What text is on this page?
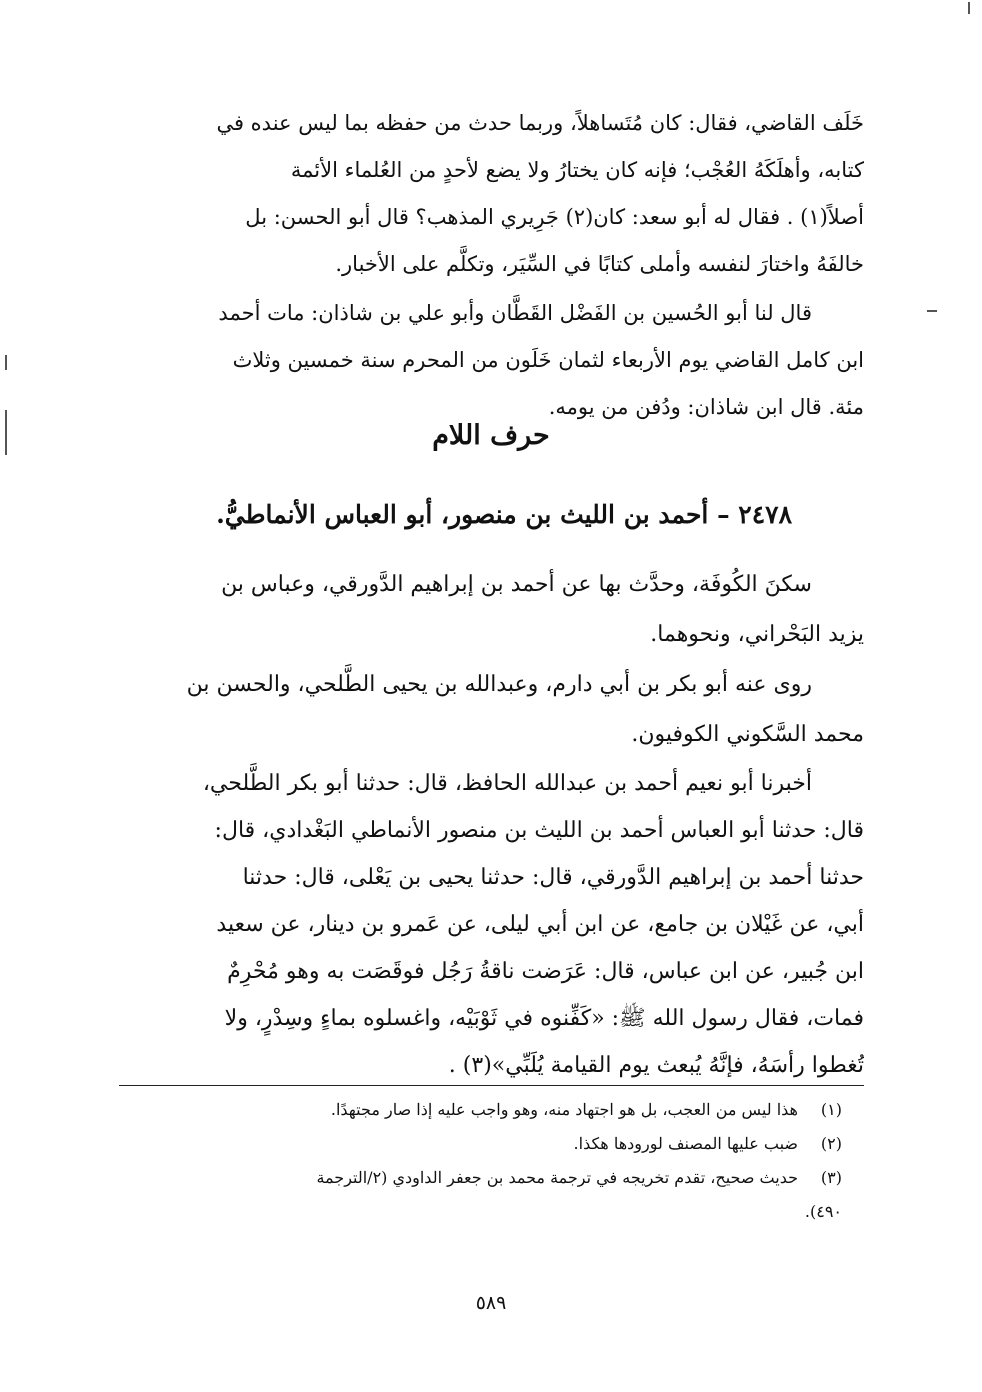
خَلَف القاضي، فقال: كان مُتَساهلاً، وربما حدث من حفظه بما ليس عنده في
كتابه، وأهلَكَهُ العُجْب؛ فإنه كان يختارُ ولا يضع لأحدٍ من العُلماء الأئمة
أصلاً(١) . فقال له أبو سعد: كان(٢) جَرِيري المذهب؟ قال أبو الحسن: بل
خالفَهُ واختارَ لنفسه وأملى كتابًا في السِّيَر، وتكلَّم على الأخبار.
قال لنا أبو الحُسين بن الفَضْل القَطَّان وأبو علي بن شاذان: مات أحمد
ابن كامل القاضي يوم الأربعاء لثمان خَلَون من المحرم سنة خمسين وثلاث
مئة. قال ابن شاذان: ودُفن من يومه.
حرف اللام
٢٤٧٨ – أحمد بن الليث بن منصور، أبو العباس الأنماطيُّ.
سكنَ الكُوفَة، وحدَّث بها عن أحمد بن إبراهيم الدَّورقي، وعباس بن
يزيد البَحْراني، ونحوهما.
روى عنه أبو بكر بن أبي دارم، وعبدالله بن يحيى الطَّلحي، والحسن بن
محمد السَّكوني الكوفيون.
أخبرنا أبو نعيم أحمد بن عبدالله الحافظ، قال: حدثنا أبو بكر الطَّلحي،
قال: حدثنا أبو العباس أحمد بن الليث بن منصور الأنماطي البَغْدادي، قال:
حدثنا أحمد بن إبراهيم الدَّورقي، قال: حدثنا يحيى بن يَعْلى، قال: حدثنا
أبي، عن غَيْلان بن جامع، عن ابن أبي ليلى، عن عَمرو بن دينار، عن سعيد
ابن جُبير، عن ابن عباس، قال: عَرَضت ناقةُ رَجُل فوقَصَت به وهو مُحْرِمٌ
فمات، فقال رسول الله ﷺ: «كَفِّنوه في ثَوْبَيْه، واغسلوه بماءٍ وسِدْرٍ، ولا
تُغطوا رأسَهُ، فإنَّهُ يُبعث يوم القيامة يُلَبِّي»(٣) .
(١)هذا ليس من العجب، بل هو اجتهاد منه، وهو واجب عليه إذا صار مجتهدًا.
(٢)ضبب عليها المصنف لورودها هكذا.
(٣)حديث صحيح، تقدم تخريجه في ترجمة محمد بن جعفر الداودي (٢/الترجمة
٤٩٠).
٥٨٩
